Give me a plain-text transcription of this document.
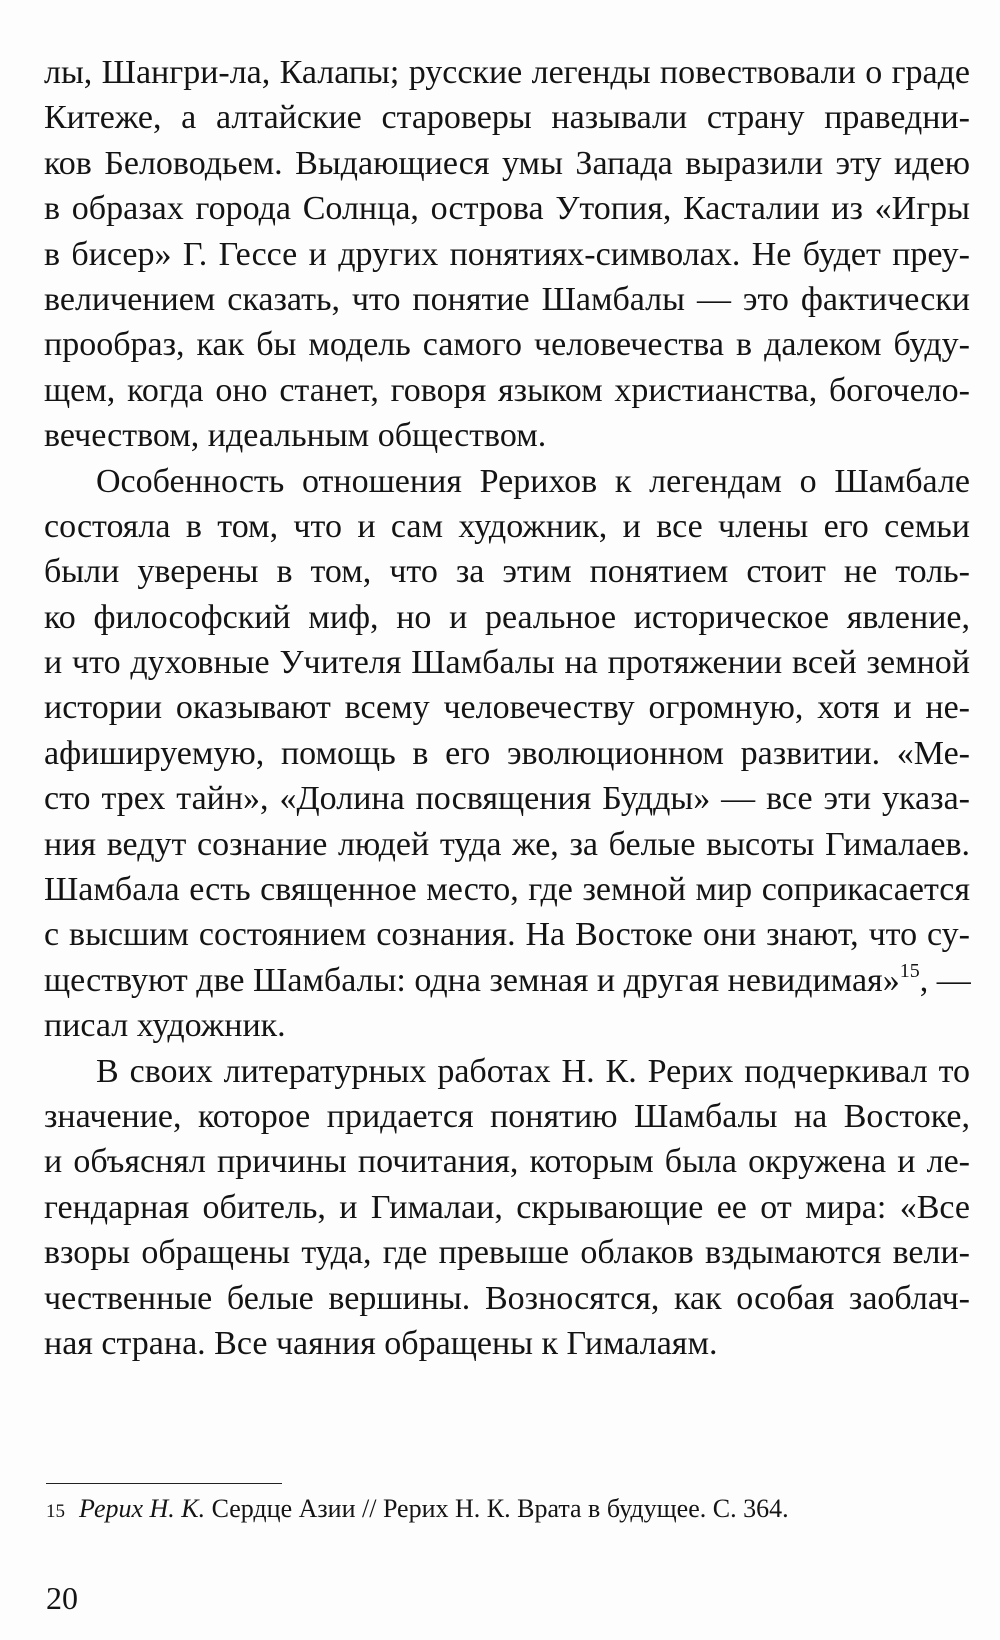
лы, Шангри-ла, Калапы; русские легенды повествовали о граде
Китеже, а алтайские староверы называли страну праведни-
ков Беловодьем. Выдающиеся умы Запада выразили эту идею
в образах города Солнца, острова Утопия, Касталии из «Игры
в бисер» Г. Гессе и других понятиях-символах. Не будет преу-
величением сказать, что понятие Шамбалы — это фактически
прообраз, как бы модель самого человечества в далеком буду-
щем, когда оно станет, говоря языком христианства, богочело-
вечеством, идеальным обществом.
Особенность отношения Рерихов к легендам о Шамбале
состояла в том, что и сам художник, и все члены его семьи
были уверены в том, что за этим понятием стоит не толь-
ко философский миф, но и реальное историческое явление,
и что духовные Учителя Шамбалы на протяжении всей земной
истории оказывают всему человечеству огромную, хотя и не-
афишируемую, помощь в его эволюционном развитии. «Ме-
сто трех тайн», «Долина посвящения Будды» — все эти указа-
ния ведут сознание людей туда же, за белые высоты Гималаев.
Шамбала есть священное место, где земной мир соприкасается
с высшим состоянием сознания. На Востоке они знают, что су-
ществуют две Шамбалы: одна земная и другая невидимая»$^{15}$, —
писал художник.
В своих литературных работах Н. К. Рерих подчеркивал то
значение, которое придается понятию Шамбалы на Востоке,
и объяснял причины почитания, которым была окружена и ле-
гендарная обитель, и Гималаи, скрывающие ее от мира: «Все
взоры обращены туда, где превыше облаков вздымаются вели-
чественные белые вершины. Возносятся, как особая заоблач-
ная страна. Все чаяния обращены к Гималаям.
15 Рерих Н. К. Сердце Азии // Рерих Н. К. Врата в будущее. С. 364.
20
